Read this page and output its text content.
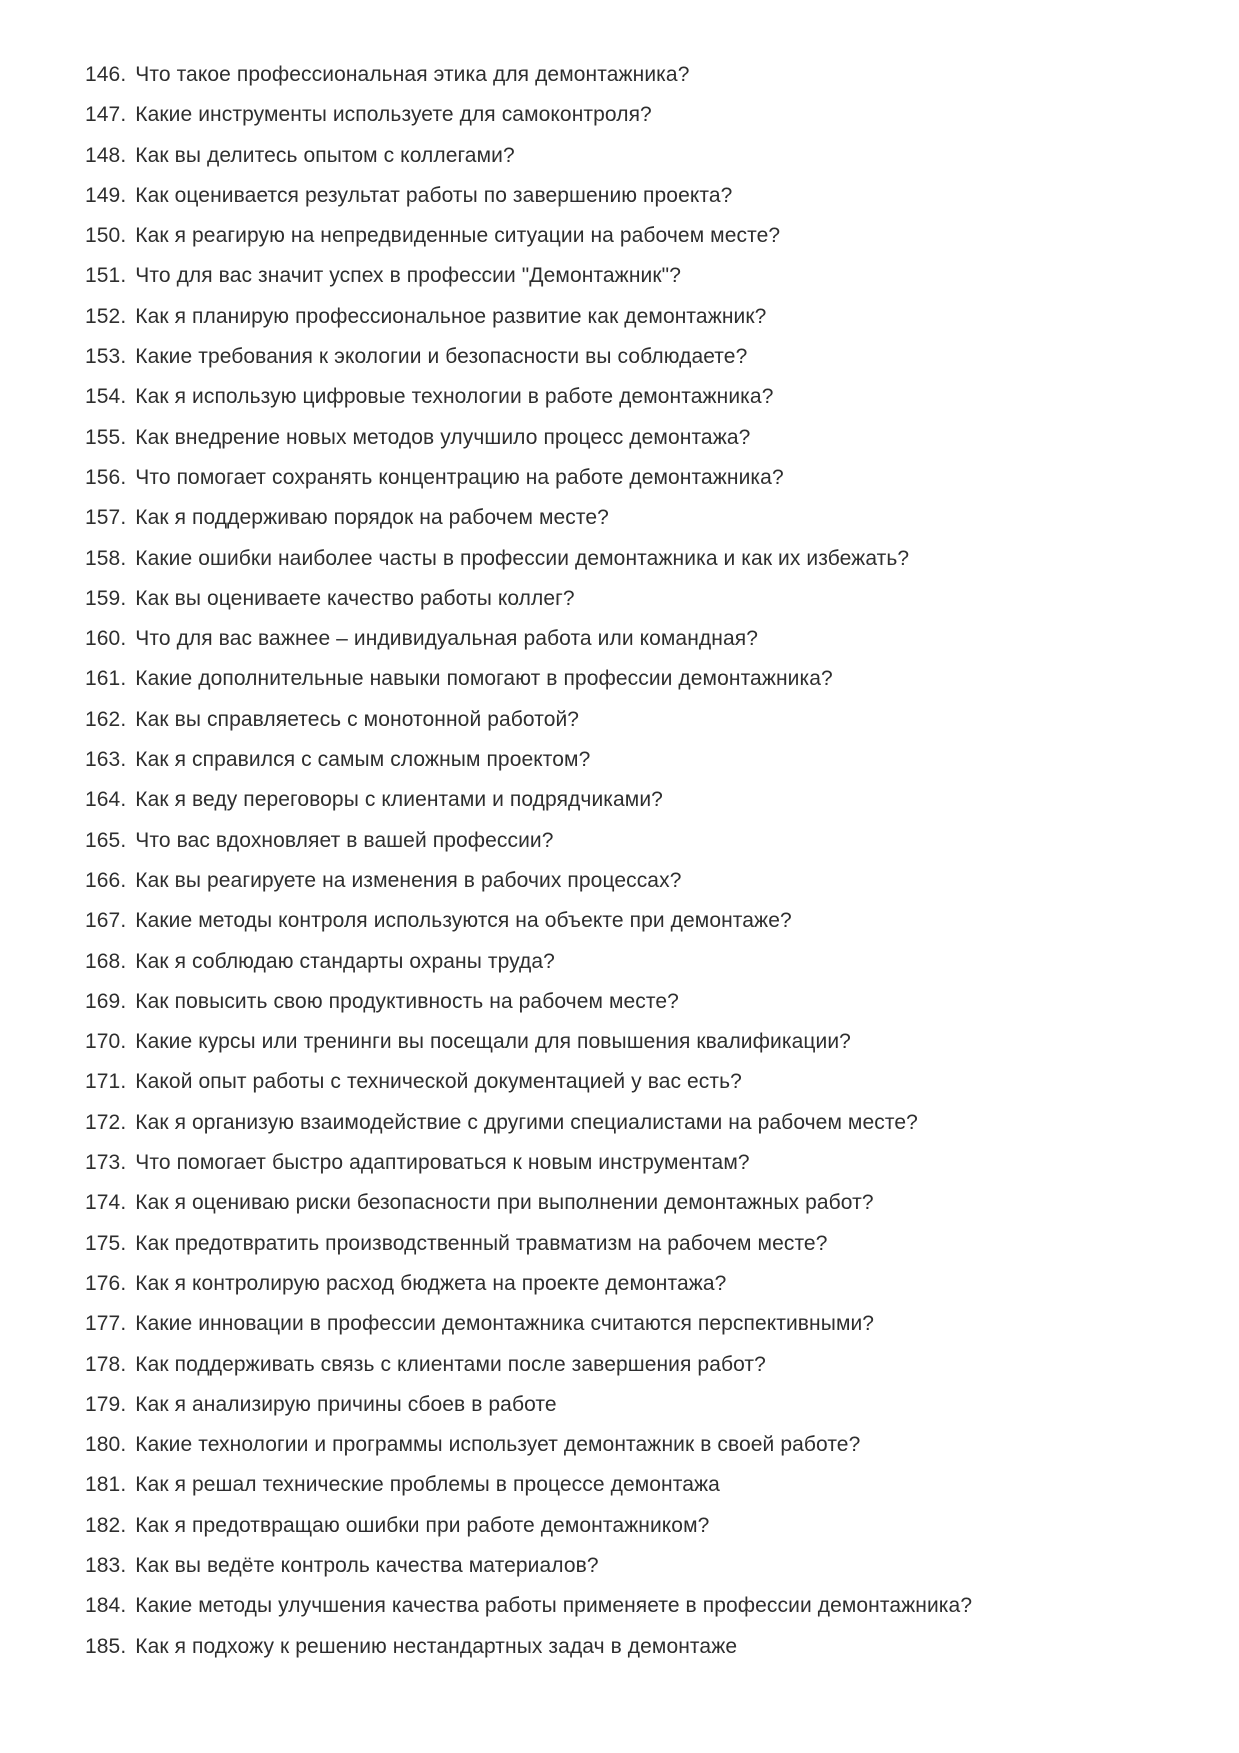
146. Что такое профессиональная этика для демонтажника?
147. Какие инструменты используете для самоконтроля?
148. Как вы делитесь опытом с коллегами?
149. Как оценивается результат работы по завершению проекта?
150. Как я реагирую на непредвиденные ситуации на рабочем месте?
151. Что для вас значит успех в профессии "Демонтажник"?
152. Как я планирую профессиональное развитие как демонтажник?
153. Какие требования к экологии и безопасности вы соблюдаете?
154. Как я использую цифровые технологии в работе демонтажника?
155. Как внедрение новых методов улучшило процесс демонтажа?
156. Что помогает сохранять концентрацию на работе демонтажника?
157. Как я поддерживаю порядок на рабочем месте?
158. Какие ошибки наиболее часты в профессии демонтажника и как их избежать?
159. Как вы оцениваете качество работы коллег?
160. Что для вас важнее – индивидуальная работа или командная?
161. Какие дополнительные навыки помогают в профессии демонтажника?
162. Как вы справляетесь с монотонной работой?
163. Как я справился с самым сложным проектом?
164. Как я веду переговоры с клиентами и подрядчиками?
165. Что вас вдохновляет в вашей профессии?
166. Как вы реагируете на изменения в рабочих процессах?
167. Какие методы контроля используются на объекте при демонтаже?
168. Как я соблюдаю стандарты охраны труда?
169. Как повысить свою продуктивность на рабочем месте?
170. Какие курсы или тренинги вы посещали для повышения квалификации?
171. Какой опыт работы с технической документацией у вас есть?
172. Как я организую взаимодействие с другими специалистами на рабочем месте?
173. Что помогает быстро адаптироваться к новым инструментам?
174. Как я оцениваю риски безопасности при выполнении демонтажных работ?
175. Как предотвратить производственный травматизм на рабочем месте?
176. Как я контролирую расход бюджета на проекте демонтажа?
177. Какие инновации в профессии демонтажника считаются перспективными?
178. Как поддерживать связь с клиентами после завершения работ?
179. Как я анализирую причины сбоев в работе
180. Какие технологии и программы использует демонтажник в своей работе?
181. Как я решал технические проблемы в процессе демонтажа
182. Как я предотвращаю ошибки при работе демонтажником?
183. Как вы ведёте контроль качества материалов?
184. Какие методы улучшения качества работы применяете в профессии демонтажника?
185. Как я подхожу к решению нестандартных задач в демонтаже
